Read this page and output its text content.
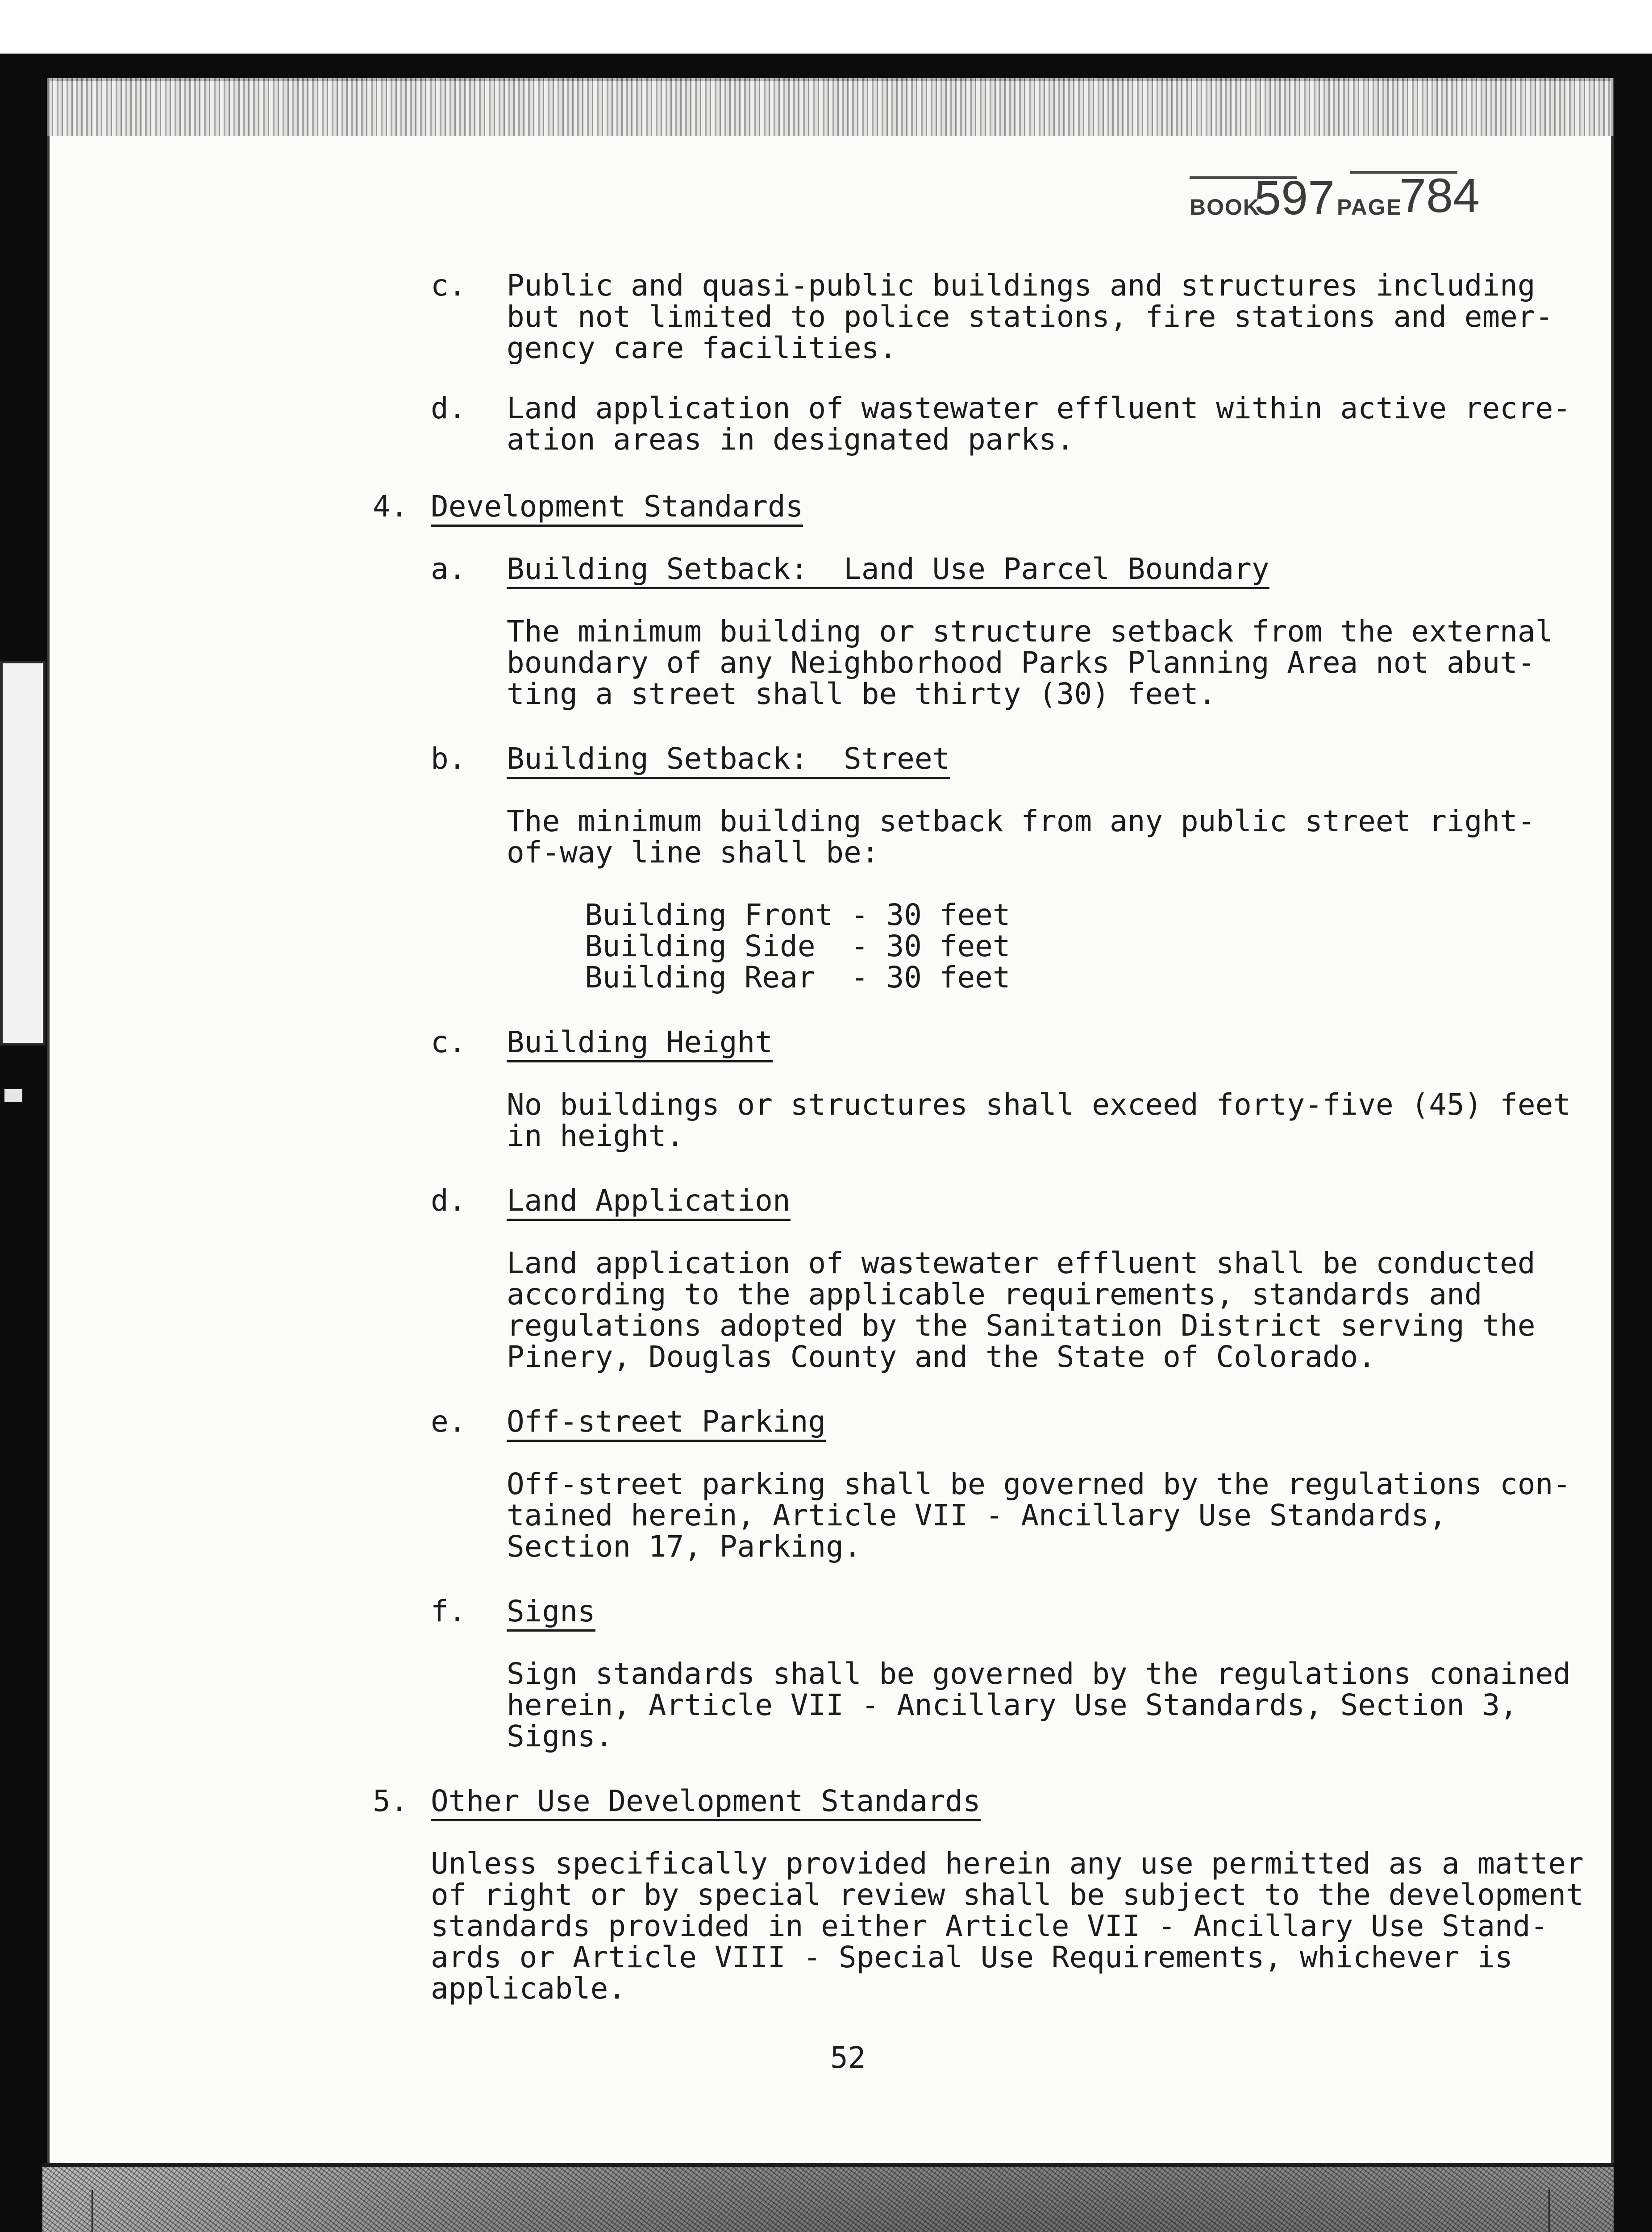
BOOK
597 PAGE
784
c. Public and quasi-public buildings and structures including
but not limited to police stations, fire stations and emer-
gency care facilities.
d. Land application of wastewater effluent within active recre-
ation areas in designated parks.
4. Development Standards
a. Building Setback:  Land Use Parcel Boundary
The minimum building or structure setback from the external
boundary of any Neighborhood Parks Planning Area not abut-
ting a street shall be thirty (30) feet.
b. Building Setback:  Street
The minimum building setback from any public street right-
of-way line shall be:
Building Front - 30 feet
Building Side  - 30 feet
Building Rear  - 30 feet
c. Building Height
No buildings or structures shall exceed forty-five (45) feet
in height.
d. Land Application
Land application of wastewater effluent shall be conducted
according to the applicable requirements, standards and
regulations adopted by the Sanitation District serving the
Pinery, Douglas County and the State of Colorado.
e. Off-street Parking
Off-street parking shall be governed by the regulations con-
tained herein, Article VII - Ancillary Use Standards,
Section 17, Parking.
f. Signs
Sign standards shall be governed by the regulations conained
herein, Article VII - Ancillary Use Standards, Section 3,
Signs.
5. Other Use Development Standards
Unless specifically provided herein any use permitted as a matter
of right or by special review shall be subject to the development
standards provided in either Article VII - Ancillary Use Stand-
ards or Article VIII - Special Use Requirements, whichever is
applicable.
52
